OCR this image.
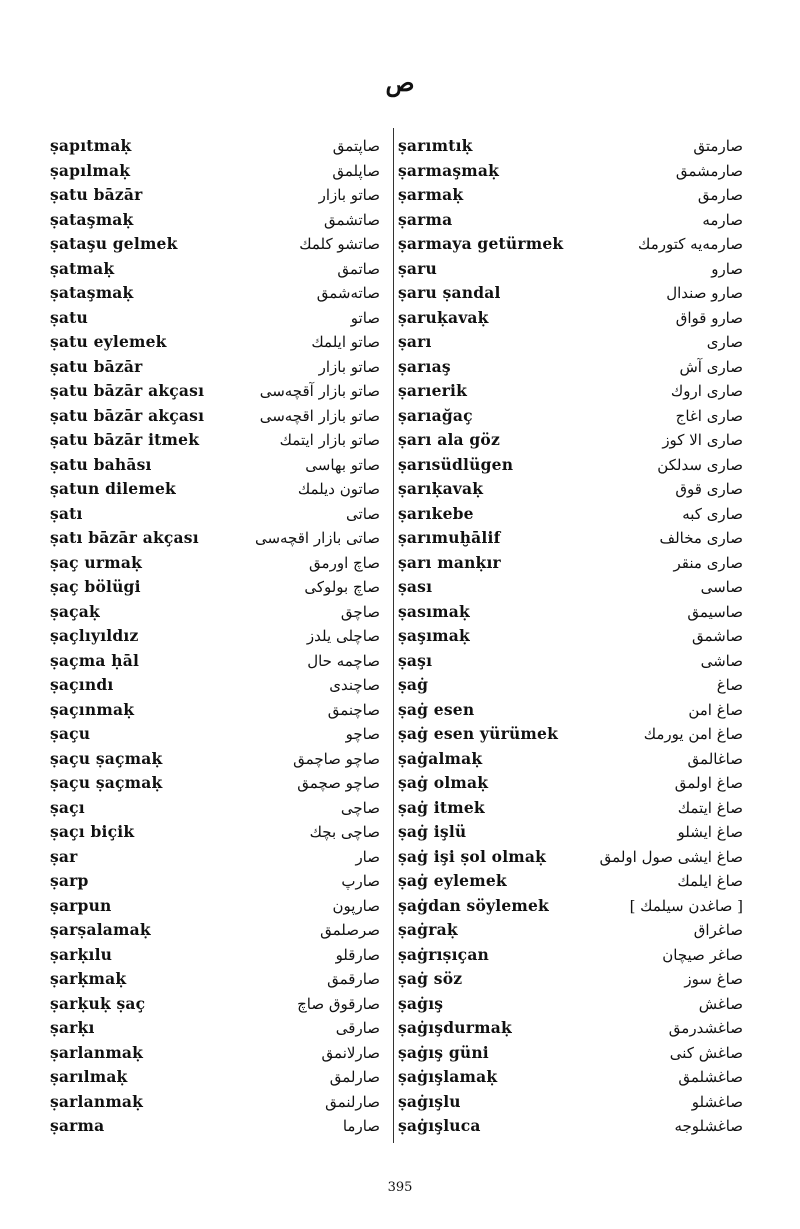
ص
ṣapıtmaḳ	صاپتمق
ṣapılmaḳ	صاپلمق
ṣatu bāzār	صاتو بازار
ṣataşmaḳ	صاتشمق
ṣataşu gelmek	صاتشو كلمك
ṣatmaḳ	صاتمق
ṣataşmaḳ	صاته‌شمق
ṣatu	صاتو
ṣatu eylemek	صاتو ايلمك
ṣatu bāzār	صاتو بازار
ṣatu bāzār akçası	صاتو بازار آقچه‌سی
ṣatu bāzār akçası	صاتو بازار اقچه‌سی
ṣatu bāzār itmek	صاتو بازار ايتمك
ṣatu bahāsı	صاتو بهاسی
ṣatun dilemek	صاتون ديلمك
ṣatı	صاتی
ṣatı bāzār akçası	صاتی بازار اقچه‌سی
ṣaç urmaḳ	صاچ اورمق
ṣaç bölügi	صاچ بولوكی
ṣaçaḳ	صاچق
ṣaçlıyıldız	صاچلی يلدز
ṣaçma ḥāl	صاچمه حال
ṣaçındı	صاچندی
ṣaçınmaḳ	صاچنمق
ṣaçu	صاچو
ṣaçu ṣaçmaḳ	صاچو صاچمق
ṣaçu ṣaçmaḳ	صاچو صچمق
ṣaçı	صاچی
ṣaçı biçik	صاچی بچك
ṣar	صار
ṣarp	صارپ
ṣarpun	صارپون
ṣarṣalamaḳ	صرصلمق
ṣarḳılu	صارقلو
ṣarḳmaḳ	صارقمق
ṣarḳuḳ ṣaç	صارقوق صاچ
ṣarḳı	صارقی
ṣarlanmaḳ	صارلانمق
ṣarılmaḳ	صارلمق
ṣarlanmaḳ	صارلنمق
ṣarma	صارما
ṣarımtıḳ	صارمتق
ṣarmaşmaḳ	صارمشمق
ṣarmaḳ	صارمق
ṣarma	صارمه
ṣarmaya getürmek	صارمه‌یه كتورمك
ṣaru	صارو
ṣaru ṣandal	صارو صندال
ṣaruḳavaḳ	صارو قواق
ṣarı	صاری
ṣarıaş	صاری آش
ṣarıerik	صاری اروك
ṣarıağaç	صاری اغاج
ṣarı ala göz	صاری الا كوز
ṣarısüdlügen	صاری سدلكن
ṣarıḳavaḳ	صاری قوق
ṣarıkebe	صاری كبه
ṣarımuḫālif	صاری مخالف
ṣarı manḳır	صاری منقر
ṣası	صاسی
ṣasımaḳ	صاسیمق
ṣaşımaḳ	صاشمق
ṣaşı	صاشی
ṣaġ	صاغ
ṣaġ esen	صاغ امن
ṣaġ esen yürümek	صاغ امن يورمك
ṣaġalmaḳ	صاغالمق
ṣaġ olmaḳ	صاغ اولمق
ṣaġ itmek	صاغ ايتمك
ṣaġ işlü	صاغ ايشلو
ṣaġ işi ṣol olmaḳ	صاغ ايشی صول اولمق
ṣaġ eylemek	صاغ ايلمك
ṣaġdan söylemek	[ صاغدن سيلمك ]
ṣaġraḳ	صاغراق
ṣaġrıṣıçan	صاغر صيچان
ṣaġ söz	صاغ سوز
ṣaġış	صاغش
ṣaġışdurmaḳ	صاغشدرمق
ṣaġış güni	صاغش كنی
ṣaġışlamaḳ	صاغشلمق
ṣaġışlu	صاغشلو
ṣaġışluca	صاغشلوجه
395
